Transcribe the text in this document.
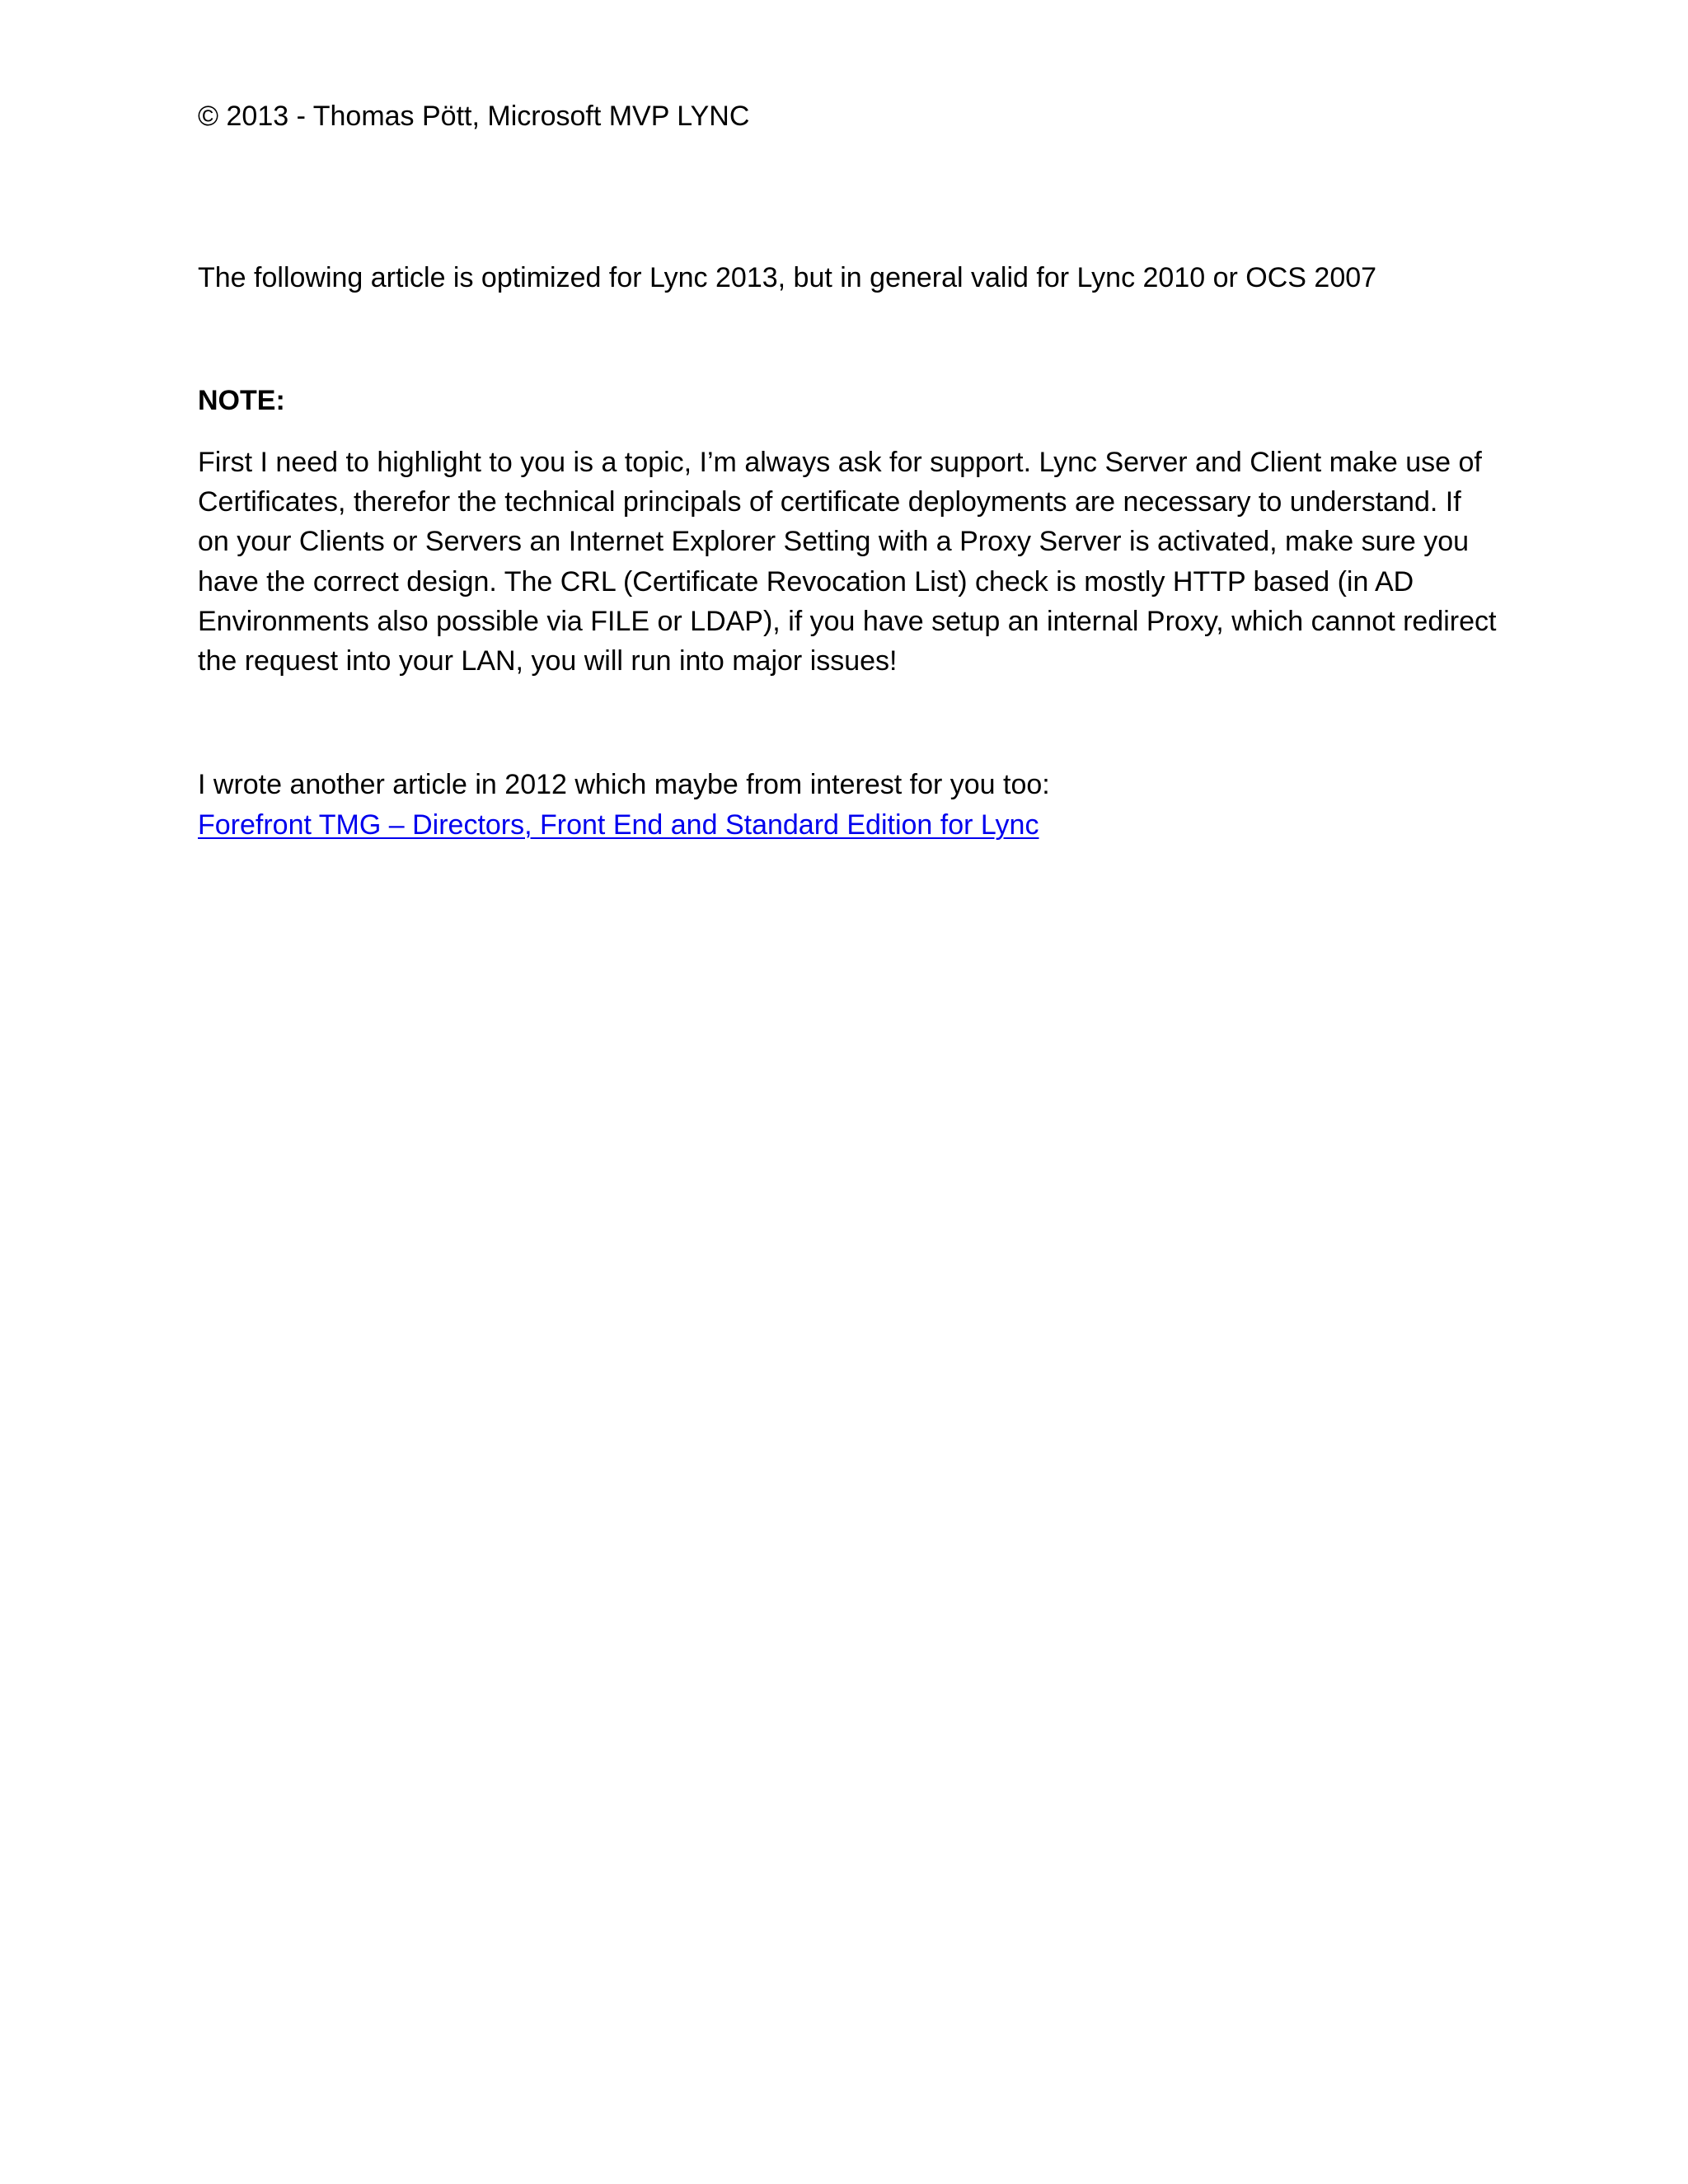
© 2013 - Thomas Pött, Microsoft MVP LYNC
The following article is optimized for Lync 2013, but in general valid for Lync 2010 or OCS 2007
NOTE:
First I need to highlight to you is a topic, I’m always ask for support. Lync Server and Client make use of
Certificates, therefor the technical principals of certificate deployments are necessary to understand. If
on your Clients or Servers an Internet Explorer Setting with a Proxy Server is activated, make sure you
have the correct design. The CRL (Certificate Revocation List) check is mostly HTTP based (in AD
Environments also possible via FILE or LDAP), if you have setup an internal Proxy, which cannot redirect
the request into your LAN, you will run into major issues!
I wrote another article in 2012 which maybe from interest for you too:
Forefront TMG – Directors, Front End and Standard Edition for Lync
